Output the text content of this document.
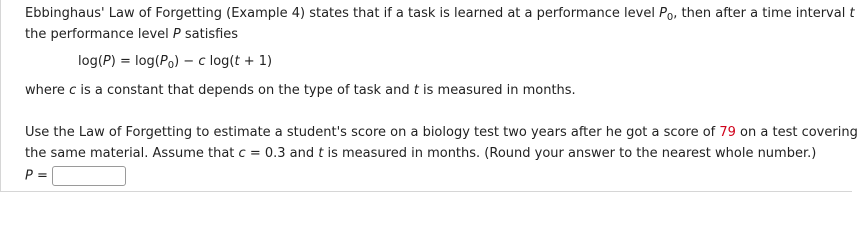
Ebbinghaus' Law of Forgetting (Example 4) states that if a task is learned at a performance level $P_0$, then after a time interval t
the performance level P satisfies
$\log(P) = \log(P_0) - c$ log(t + 1)
where c is a constant that depends on the type of task and t is measured in months.
Use the Law of Forgetting to estimate a student's score on a biology test two years after he got a score of 79 on a test covering
the same material. Assume that c = 0.3 and t is measured in months. (Round your answer to the nearest whole number.)
P =
